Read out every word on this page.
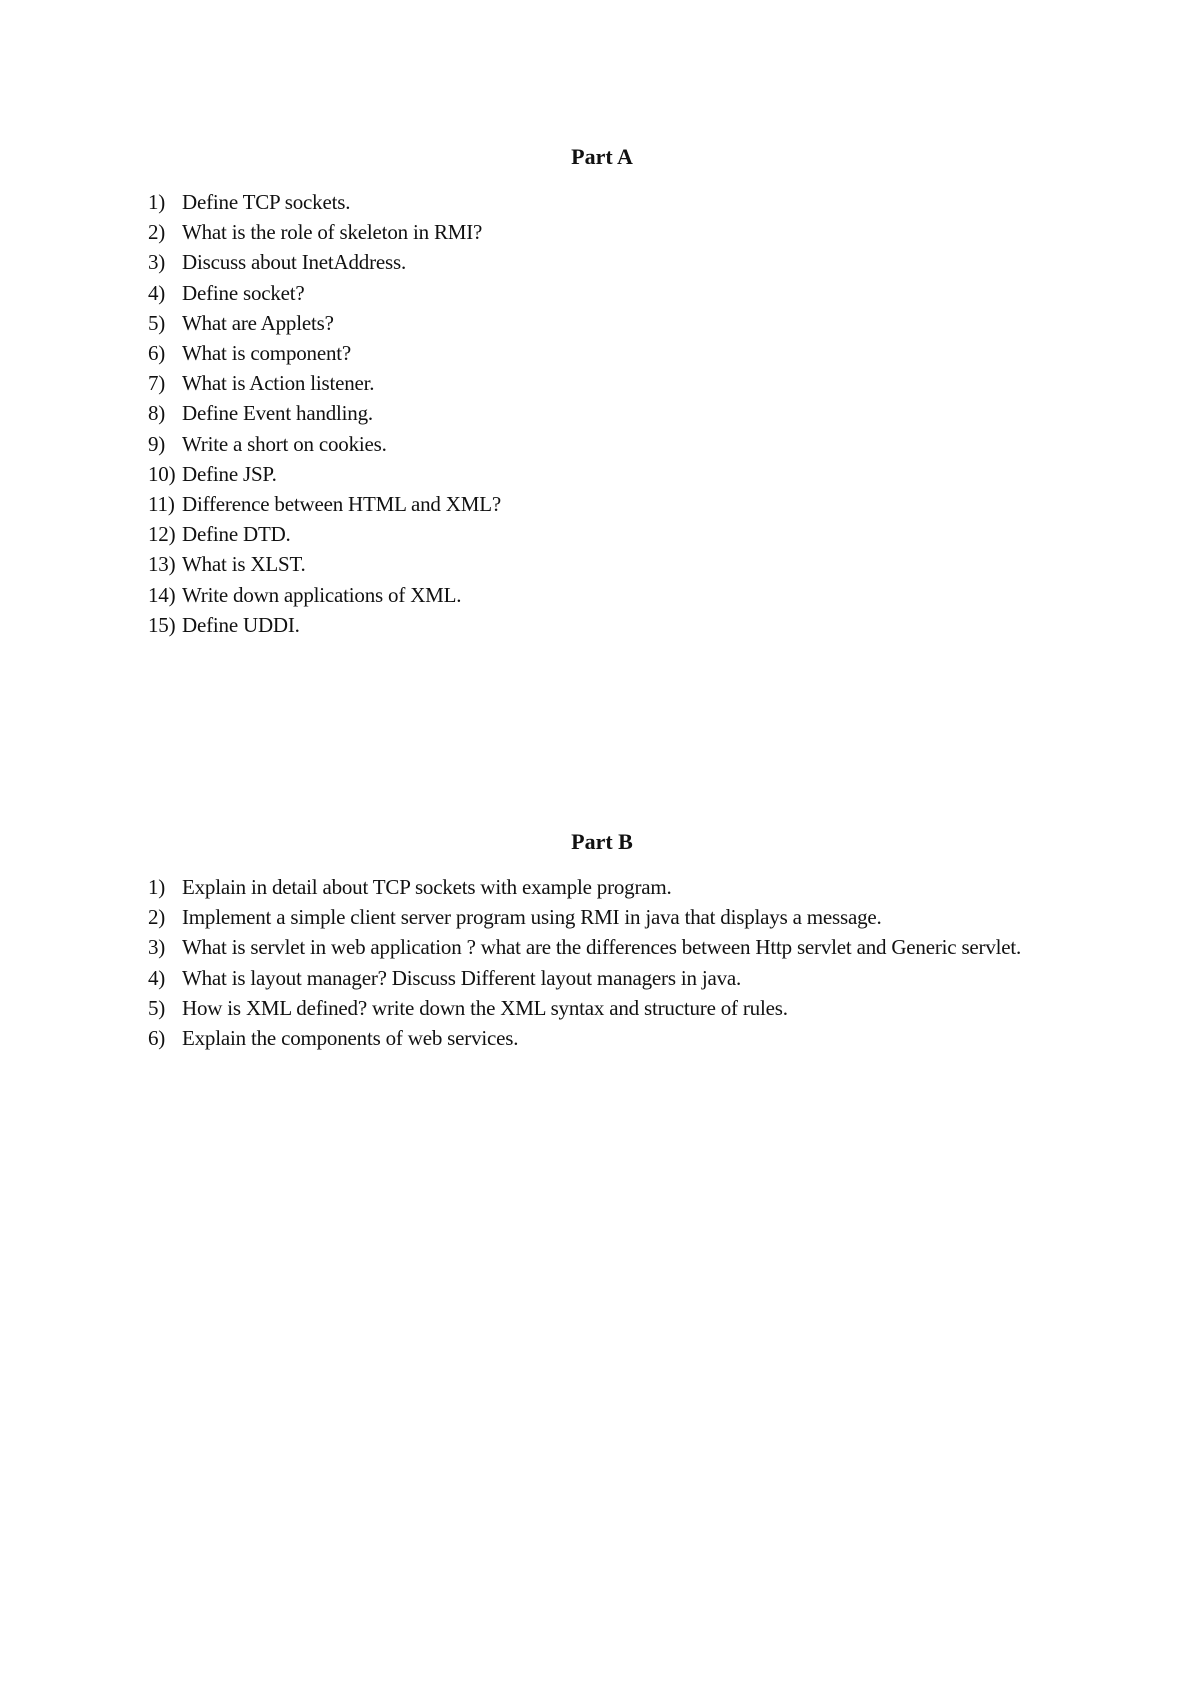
Part A
1) Define TCP sockets.
2) What is the role of skeleton in RMI?
3) Discuss about InetAddress.
4) Define socket?
5) What are Applets?
6) What is component?
7) What is Action listener.
8) Define Event handling.
9) Write a short on cookies.
10) Define JSP.
11) Difference between HTML and XML?
12) Define DTD.
13) What is XLST.
14) Write down applications of XML.
15) Define UDDI.
Part B
1) Explain in detail about TCP sockets with example program.
2) Implement a simple client server program using RMI in java that displays a message.
3) What is servlet in web application ? what are the differences between Http servlet and Generic servlet.
4) What is layout manager? Discuss Different layout managers in java.
5) How is XML defined? write down the XML syntax and structure of rules.
6) Explain the components of web services.
